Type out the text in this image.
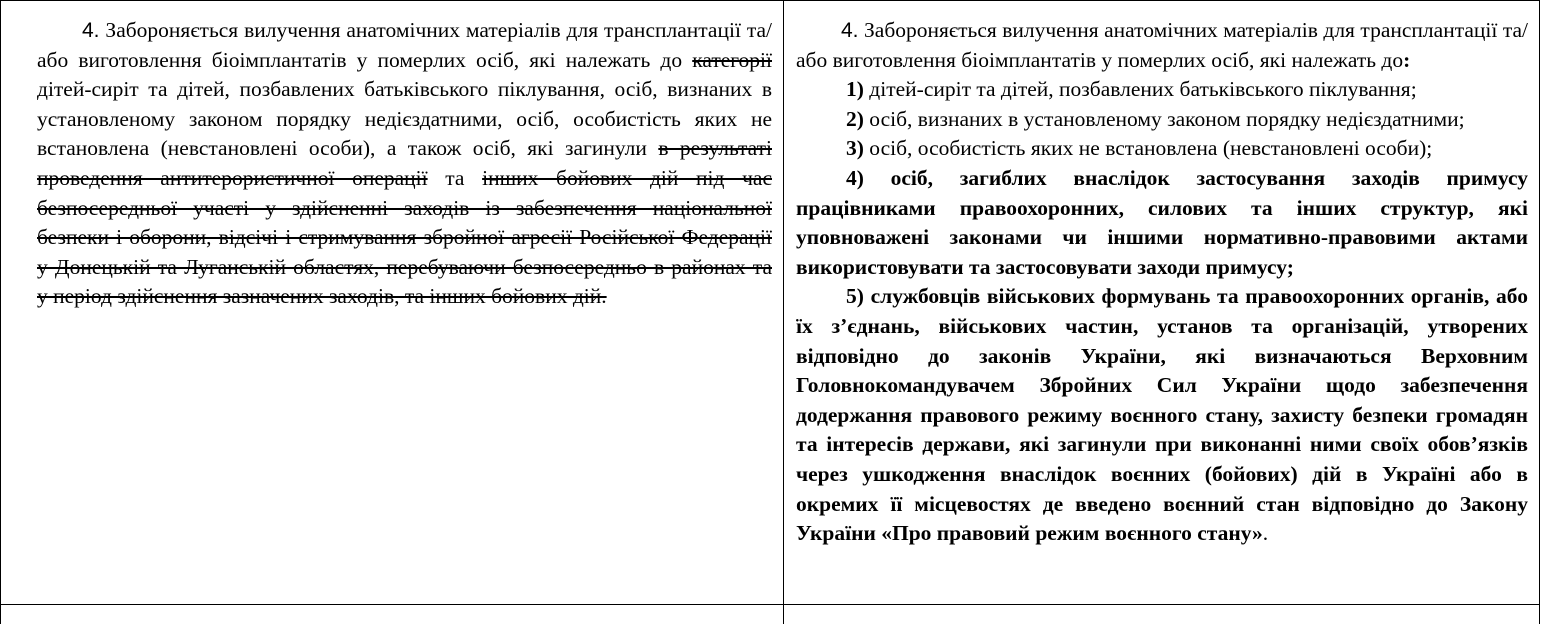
4. Забороняється вилучення анатомічних матеріалів для трансплантації та/або виготовлення біоімплантатів у померлих осіб, які належать до категорії дітей-сиріт та дітей, позбавлених батьківського піклування, осіб, визнаних в установленому законом порядку недієздатними, осіб, особистість яких не встановлена (невстановлені особи), а також осіб, які загинули в результаті проведення антитерористичної операції та інших бойових дій під час безпосередньої участі у здійсненні заходів із забезпечення національної безпеки і оборони, відсічі і стримування збройної агресії Російської Федерації у Донецькій та Луганській областях, перебуваючи безпосередньо в районах та у період здійснення зазначених заходів, та інших бойових дій.

4. Забороняється вилучення анатомічних матеріалів для трансплантації та/або виготовлення біоімплантатів у померлих осіб, які належать до:

1) дітей-сиріт та дітей, позбавлених батьківського піклування;

2) осіб, визнаних в установленому законом порядку недієздатними;

3) осіб, особистість яких не встановлена (невстановлені особи);

4) осіб, загиблих внаслідок застосування заходів примусу працівниками правоохоронних, силових та інших структур, які уповноважені законами чи іншими нормативно-правовими актами використовувати та застосовувати заходи примусу;

5) службовців військових формувань та правоохоронних органів, або їх з’єднань, військових частин, установ та організацій, утворених відповідно до законів України, які визначаються Верховним Головнокомандувачем Збройних Сил України щодо забезпечення додержання правового режиму воєнного стану, захисту безпеки громадян та інтересів держави, які загинули при виконанні ними своїх обов’язків через ушкодження внаслідок воєнних (бойових) дій в Україні або в окремих її місцевостях де введено воєнний стан відповідно до Закону України «Про правовий режим воєнного стану».
